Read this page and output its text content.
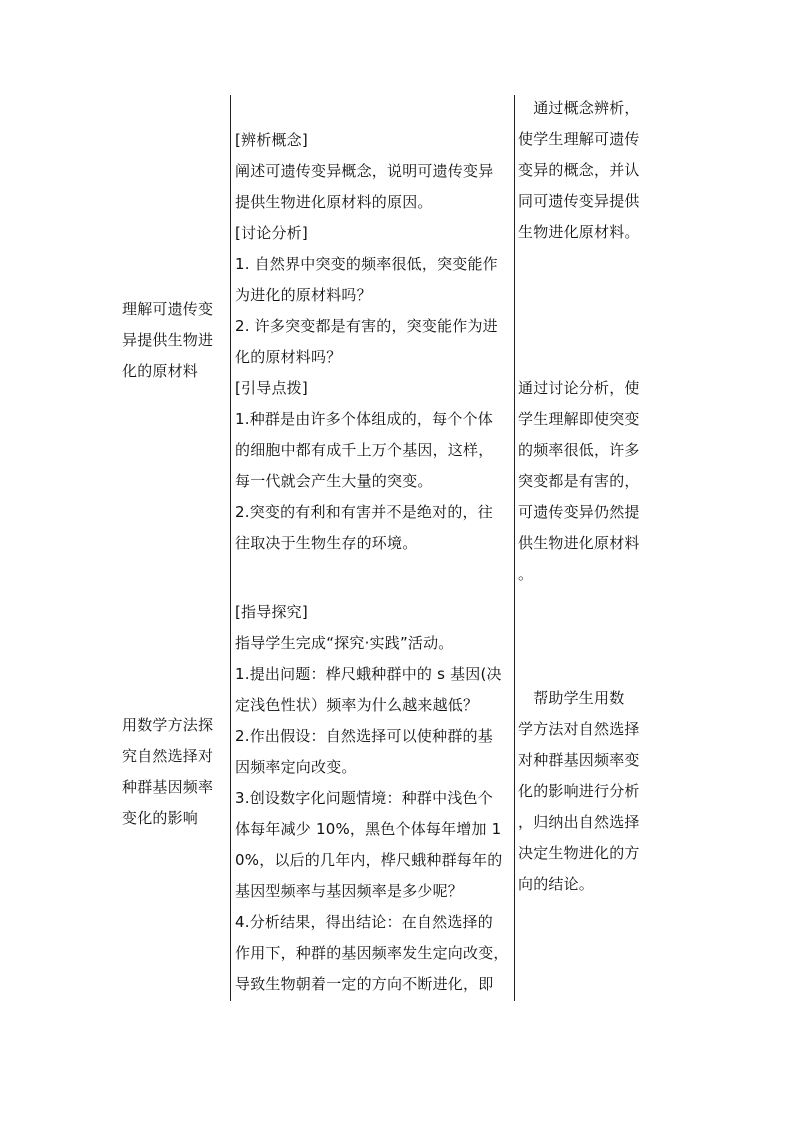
理解可遗传变

异提供生物进

化的原材料

[辨析概念]

阐述可遗传变异概念，说明可遗传变异

提供生物进化原材料的原因。

[讨论分析]

1. 自然界中突变的频率很低，突变能作

为进化的原材料吗？

2. 许多突变都是有害的，突变能作为进

化的原材料吗？

[引导点拨]

1.种群是由许多个体组成的，每个个体

的细胞中都有成千上万个基因，这样，

每一代就会产生大量的突变。

2.突变的有利和有害并不是绝对的，往

往取决于生物生存的环境。

　通过概念辨析，

使学生理解可遗传

变异的概念，并认

同可遗传变异提供

生物进化原材料。

通过讨论分析，使

学生理解即使突变

的频率很低，许多

突变都是有害的，

可遗传变异仍然提

供生物进化原材料

。

用数学方法探

究自然选择对

种群基因频率

变化的影响

[指导探究]

指导学生完成“探究·实践”活动。

1.提出问题：桦尺蛾种群中的 s 基因(决

定浅色性状）频率为什么越来越低？

2.作出假设：自然选择可以使种群的基

因频率定向改变。

3.创设数字化问题情境：种群中浅色个

体每年减少 10%，黑色个体每年增加 1

0%，以后的几年内，桦尺蛾种群每年的

基因型频率与基因频率是多少呢？

4.分析结果，得出结论：在自然选择的

作用下，种群的基因频率发生定向改变，

导致生物朝着一定的方向不断进化，即

　帮助学生用数

学方法对自然选择

对种群基因频率变

化的影响进行分析

，归纳出自然选择

决定生物进化的方

向的结论。
